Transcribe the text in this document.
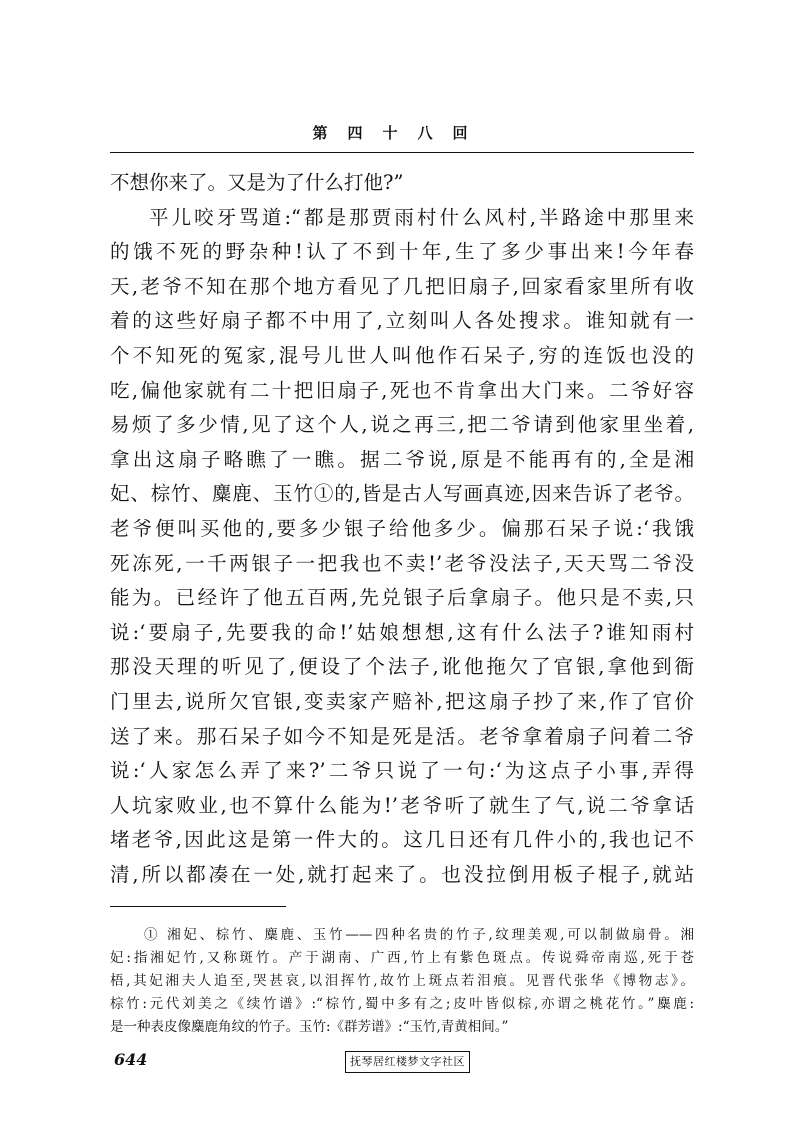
第四十八回
不想你来了。又是为了什么打他?”
平儿咬牙骂道:“都是那贾雨村什么风村,半路途中那里来
的饿不死的野杂种!认了不到十年,生了多少事出来!今年春
天,老爷不知在那个地方看见了几把旧扇子,回家看家里所有收
着的这些好扇子都不中用了,立刻叫人各处搜求。谁知就有一
个不知死的冤家,混号儿世人叫他作石呆子,穷的连饭也没的
吃,偏他家就有二十把旧扇子,死也不肯拿出大门来。二爷好容
易烦了多少情,见了这个人,说之再三,把二爷请到他家里坐着,
拿出这扇子略瞧了一瞧。据二爷说,原是不能再有的,全是湘
妃、棕竹、麋鹿、玉竹①的,皆是古人写画真迹,因来告诉了老爷。
老爷便叫买他的,要多少银子给他多少。偏那石呆子说:‘我饿
死冻死,一千两银子一把我也不卖!’老爷没法子,天天骂二爷没
能为。已经许了他五百两,先兑银子后拿扇子。他只是不卖,只
说:‘要扇子,先要我的命!’姑娘想想,这有什么法子?谁知雨村
那没天理的听见了,便设了个法子,讹他拖欠了官银,拿他到衙
门里去,说所欠官银,变卖家产赔补,把这扇子抄了来,作了官价
送了来。那石呆子如今不知是死是活。老爷拿着扇子问着二爷
说:‘人家怎么弄了来?’二爷只说了一句:‘为这点子小事,弄得
人坑家败业,也不算什么能为!’老爷听了就生了气,说二爷拿话
堵老爷,因此这是第一件大的。这几日还有几件小的,我也记不
清,所以都凑在一处,就打起来了。也没拉倒用板子棍子,就站
① 湘妃、棕竹、麋鹿、玉竹——四种名贵的竹子,纹理美观,可以制做扇骨。湘
妃:指湘妃竹,又称斑竹。产于湖南、广西,竹上有紫色斑点。传说舜帝南巡,死于苍
梧,其妃湘夫人追至,哭甚哀,以泪挥竹,故竹上斑点若泪痕。见晋代张华《博物志》。
棕竹:元代刘美之《续竹谱》:“棕竹,蜀中多有之;皮叶皆似棕,亦谓之桃花竹。”麋鹿:
是一种表皮像麋鹿角纹的竹子。玉竹:《群芳谱》:“玉竹,青黄相间。”
644	抚琴居红楼梦文字社区
